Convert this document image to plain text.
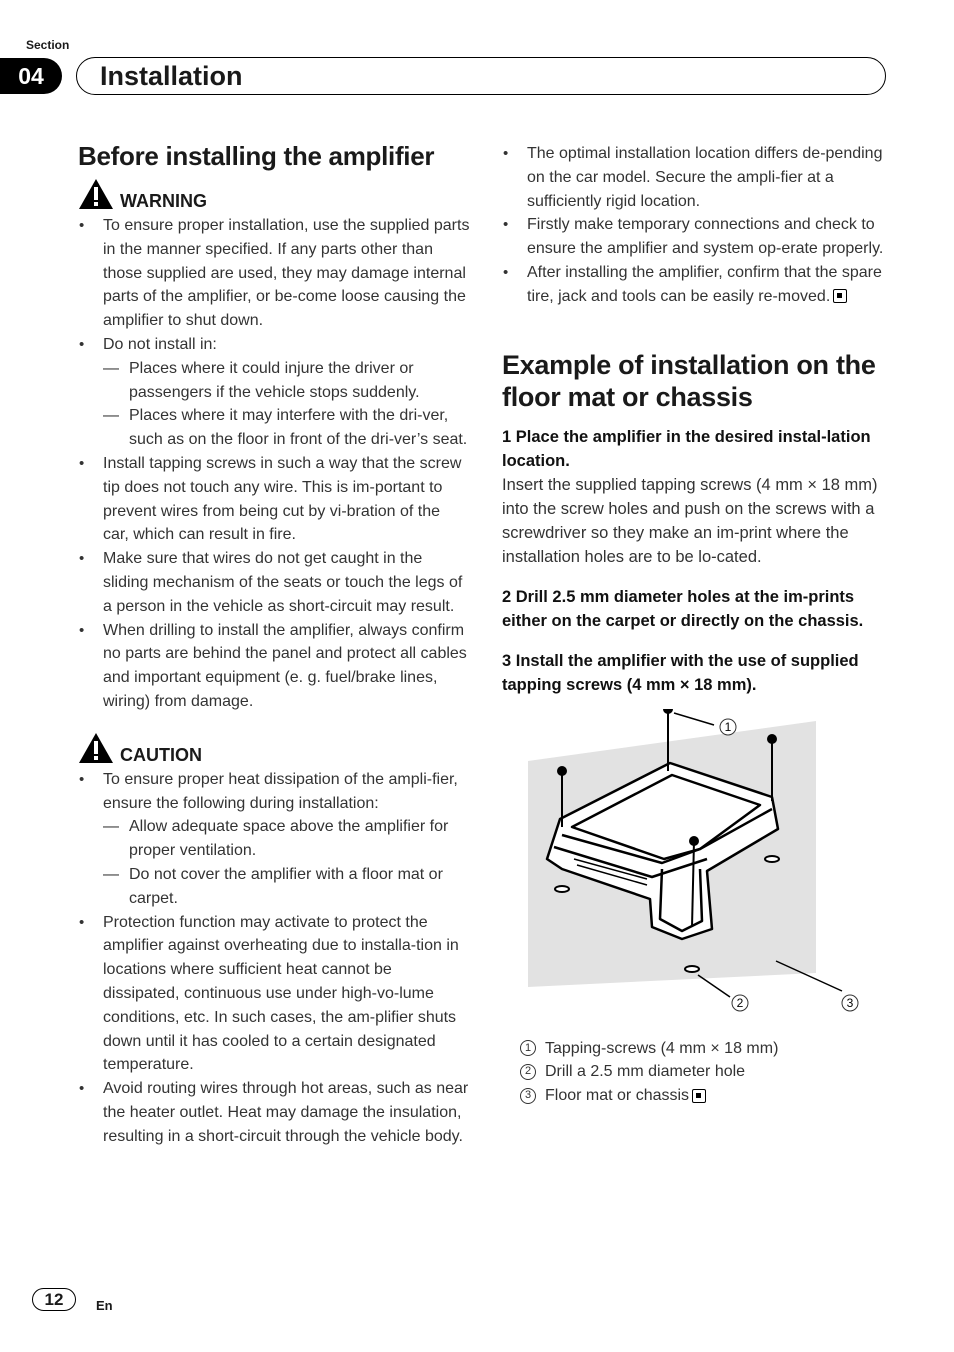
Section
04	Installation
Before installing the amplifier
WARNING
• To ensure proper installation, use the supplied parts in the manner specified. If any parts other than those supplied are used, they may damage internal parts of the amplifier, or be-come loose causing the amplifier to shut down.
• Do not install in:
— Places where it could injure the driver or passengers if the vehicle stops suddenly.
— Places where it may interfere with the dri-ver, such as on the floor in front of the dri-ver’s seat.
• Install tapping screws in such a way that the screw tip does not touch any wire. This is im-portant to prevent wires from being cut by vi-bration of the car, which can result in fire.
• Make sure that wires do not get caught in the sliding mechanism of the seats or touch the legs of a person in the vehicle as short-circuit may result.
• When drilling to install the amplifier, always confirm no parts are behind the panel and protect all cables and important equipment (e. g. fuel/brake lines, wiring) from damage.
CAUTION
• To ensure proper heat dissipation of the ampli-fier, ensure the following during installation:
— Allow adequate space above the amplifier for proper ventilation.
— Do not cover the amplifier with a floor mat or carpet.
• Protection function may activate to protect the amplifier against overheating due to installa-tion in locations where sufficient heat cannot be dissipated, continuous use under high-vo-lume conditions, etc. In such cases, the am-plifier shuts down until it has cooled to a certain designated temperature.
• Avoid routing wires through hot areas, such as near the heater outlet. Heat may damage the insulation, resulting in a short-circuit through the vehicle body.
• The optimal installation location differs de-pending on the car model. Secure the ampli-fier at a sufficiently rigid location.
• Firstly make temporary connections and check to ensure the amplifier and system op-erate properly.
• After installing the amplifier, confirm that the spare tire, jack and tools can be easily re-moved.
Example of installation on the floor mat or chassis
1 Place the amplifier in the desired instal-lation location.
Insert the supplied tapping screws (4 mm × 18 mm) into the screw holes and push on the screws with a screwdriver so they make an im-print where the installation holes are to be lo-cated.
2 Drill 2.5 mm diameter holes at the im-prints either on the carpet or directly on the chassis.
3 Install the amplifier with the use of supplied tapping screws (4 mm × 18 mm).
1
2	3
1 Tapping-screws (4 mm × 18 mm)
2 Drill a 2.5 mm diameter hole
3 Floor mat or chassis
12	En
